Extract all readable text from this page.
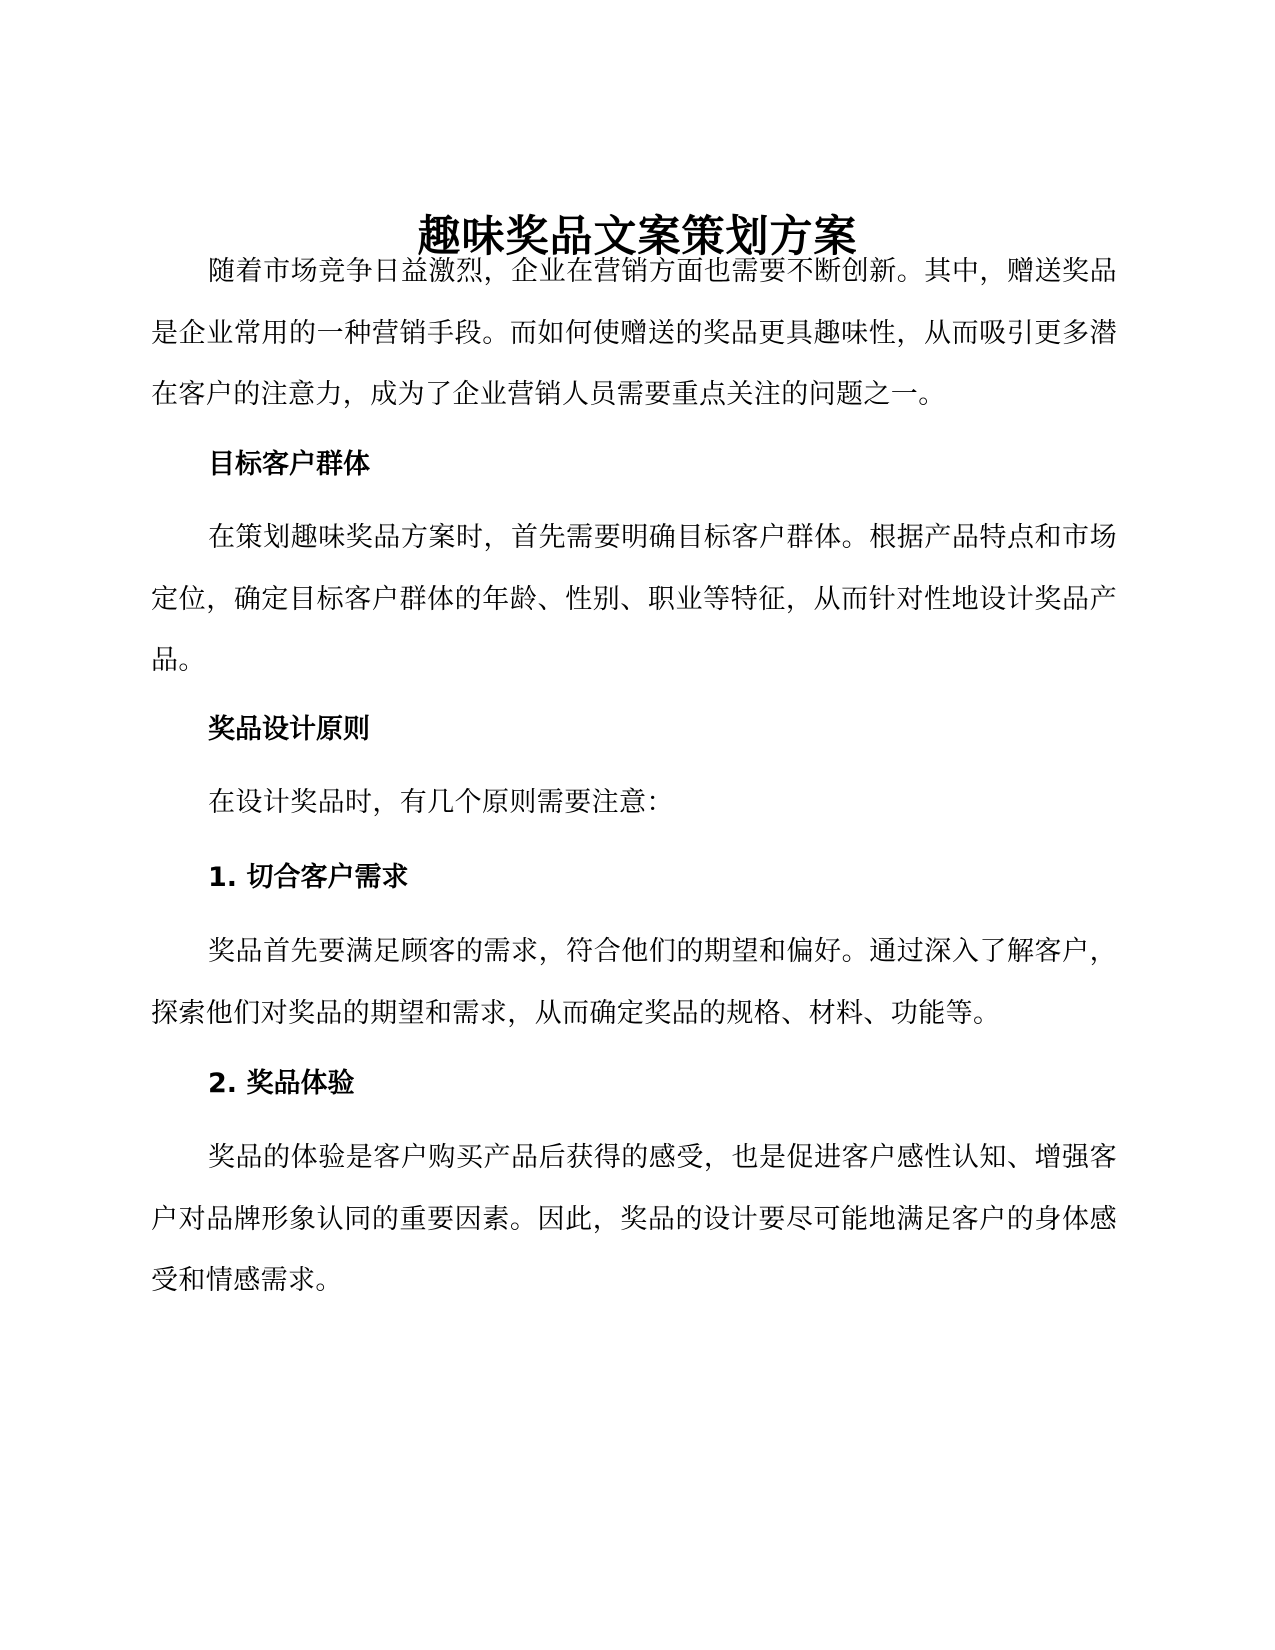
趣味奖品文案策划方案

随着市场竞争日益激烈，企业在营销方面也需要不断创新。其中，赠送奖品是企业常用的一种营销手段。而如何使赠送的奖品更具趣味性，从而吸引更多潜在客户的注意力，成为了企业营销人员需要重点关注的问题之一。

目标客户群体

在策划趣味奖品方案时，首先需要明确目标客户群体。根据产品特点和市场定位，确定目标客户群体的年龄、性别、职业等特征，从而针对性地设计奖品产品。

奖品设计原则

在设计奖品时，有几个原则需要注意：

1. 切合客户需求

奖品首先要满足顾客的需求，符合他们的期望和偏好。通过深入了解客户，探索他们对奖品的期望和需求，从而确定奖品的规格、材料、功能等。

2. 奖品体验

奖品的体验是客户购买产品后获得的感受，也是促进客户感性认知、增强客户对品牌形象认同的重要因素。因此，奖品的设计要尽可能地满足客户的身体感受和情感需求。
